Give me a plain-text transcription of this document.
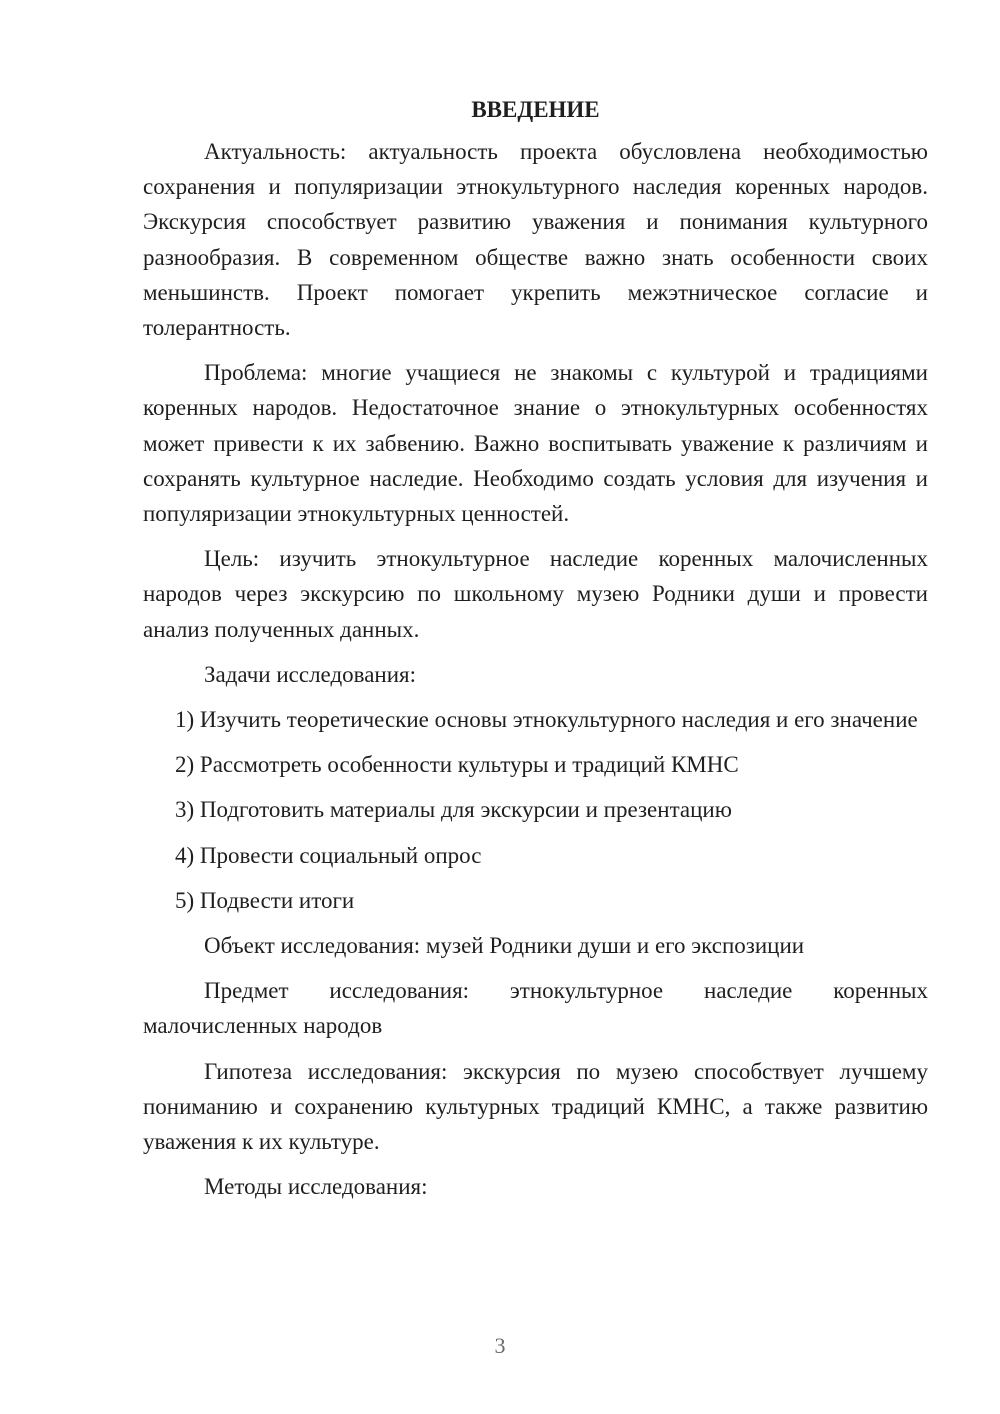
ВВЕДЕНИЕ

Актуальность: актуальность проекта обусловлена необходимостью сохранения и популяризации этнокультурного наследия коренных народов. Экскурсия способствует развитию уважения и понимания культурного разнообразия. В современном обществе важно знать особенности своих меньшинств. Проект помогает укрепить межэтническое согласие и толерантность.

Проблема: многие учащиеся не знакомы с культурой и традициями коренных народов. Недостаточное знание о этнокультурных особенностях может привести к их забвению. Важно воспитывать уважение к различиям и сохранять культурное наследие. Необходимо создать условия для изучения и популяризации этнокультурных ценностей.

Цель: изучить этнокультурное наследие коренных малочисленных народов через экскурсию по школьному музею Родники души и провести анализ полученных данных.

Задачи исследования:

1) Изучить теоретические основы этнокультурного наследия и его значение

2) Рассмотреть особенности культуры и традиций КМНС

3) Подготовить материалы для экскурсии и презентацию

4) Провести социальный опрос

5) Подвести итоги

Объект исследования: музей Родники души и его экспозиции

Предмет исследования: этнокультурное наследие коренных малочисленных народов

Гипотеза исследования: экскурсия по музею способствует лучшему пониманию и сохранению культурных традиций КМНС, а также развитию уважения к их культуре.

Методы исследования:

3
